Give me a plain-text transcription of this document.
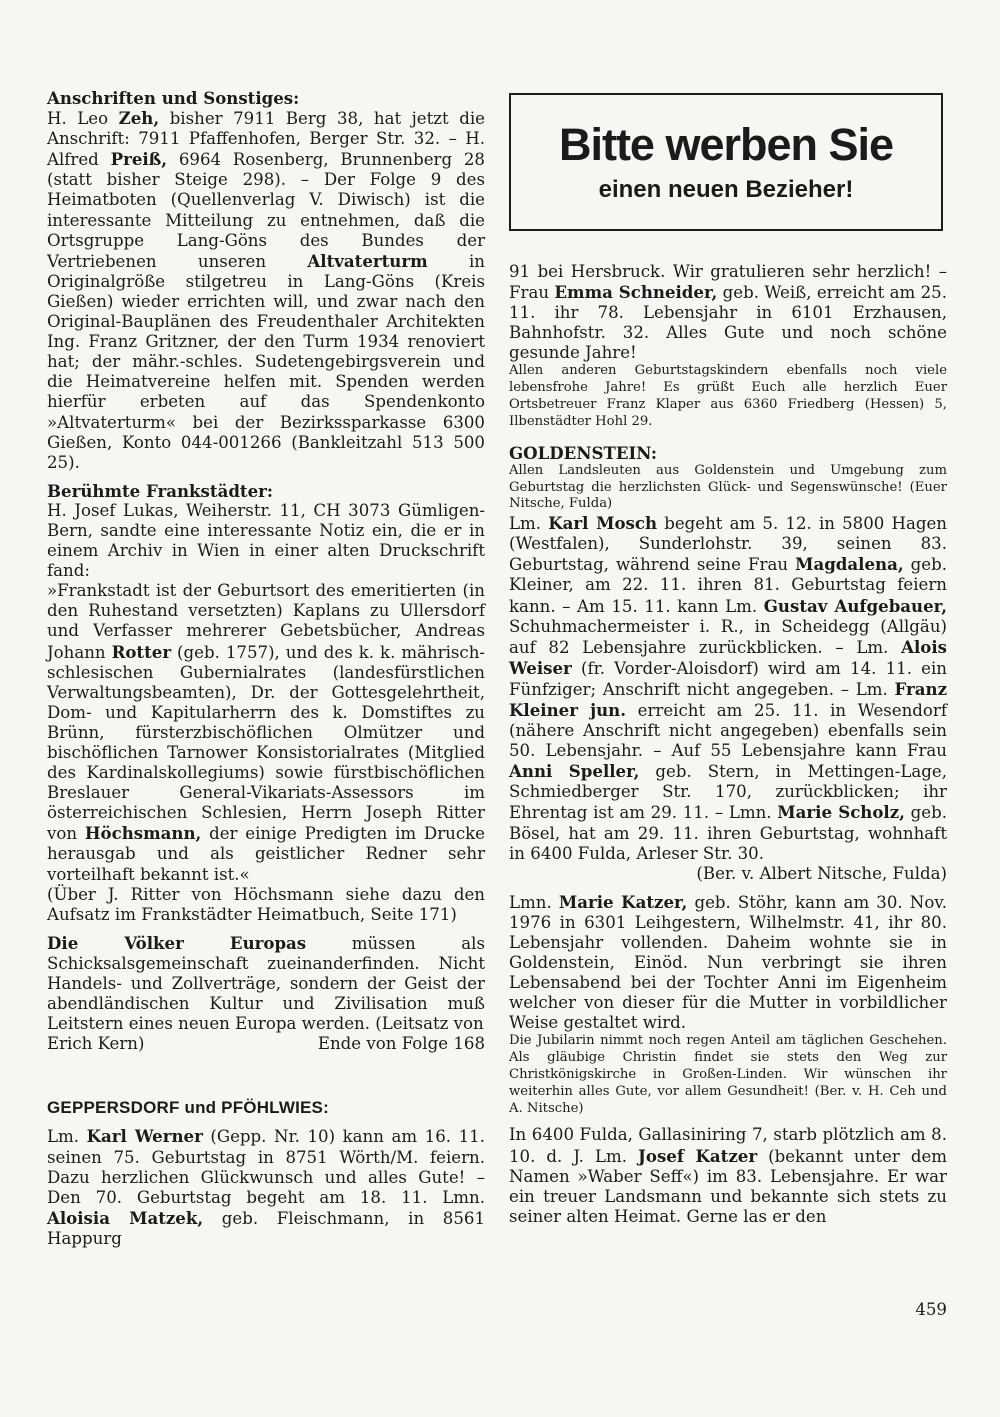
Anschriften und Sonstiges:

H. Leo Zeh, bisher 7911 Berg 38, hat jetzt die Anschrift: 7911 Pfaffenhofen, Berger Str. 32. – H. Alfred Preiß, 6964 Rosenberg, Brunnenberg 28 (statt bisher Steige 298). – Der Folge 9 des Heimatboten (Quellenverlag V. Diwisch) ist die interessante Mitteilung zu entnehmen, daß die Ortsgruppe Lang-Göns des Bundes der Vertriebenen unseren Altvaterturm in Originalgröße stilgetreu in Lang-Göns (Kreis Gießen) wieder errichten will, und zwar nach den Original-Bauplänen des Freudenthaler Architekten Ing. Franz Gritzner, der den Turm 1934 renoviert hat; der mähr.-schles. Sudetengebirgsverein und die Heimatvereine helfen mit. Spenden werden hierfür erbeten auf das Spendenkonto »Altvaterturm« bei der Bezirkssparkasse 6300 Gießen, Konto 044-001266 (Bankleitzahl 513 500 25).

Berühmte Frankstädter:

H. Josef Lukas, Weiherstr. 11, CH 3073 Gümligen-Bern, sandte eine interessante Notiz ein, die er in einem Archiv in Wien in einer alten Druckschrift fand:

»Frankstadt ist der Geburtsort des emeritierten (in den Ruhestand versetzten) Kaplans zu Ullersdorf und Verfasser mehrerer Gebetsbücher, Andreas Johann Rotter (geb. 1757), und des k. k. mährisch-schlesischen Gubernialrates (landesfürstlichen Verwaltungsbeamten), Dr. der Gottesgelehrtheit, Dom- und Kapitularherrn des k. Domstiftes zu Brünn, fürsterzbischöflichen Olmützer und bischöflichen Tarnower Konsistorialrates (Mitglied des Kardinalskollegiums) sowie fürstbischöflichen Breslauer General-Vikariats-Assessors im österreichischen Schlesien, Herrn Joseph Ritter von Höchsmann, der einige Predigten im Drucke herausgab und als geistlicher Redner sehr vorteilhaft bekannt ist.«

(Über J. Ritter von Höchsmann siehe dazu den Aufsatz im Frankstädter Heimatbuch, Seite 171)

Die Völker Europas müssen als Schicksalsgemeinschaft zueinanderfinden. Nicht Handels- und Zollverträge, sondern der Geist der abendländischen Kultur und Zivilisation muß Leitstern eines neuen Europa werden. (Leitsatz von

Erich Kern)	Ende von Folge 168

GEPPERSDORF und PFÖHLWIES:

Lm. Karl Werner (Gepp. Nr. 10) kann am 16. 11. seinen 75. Geburtstag in 8751 Wörth/M. feiern. Dazu herzlichen Glückwunsch und alles Gute! – Den 70. Geburtstag begeht am 18. 11. Lmn. Aloisia Matzek, geb. Fleischmann, in 8561 Happurg

Bitte werben Sie
einen neuen Bezieher!

91 bei Hersbruck. Wir gratulieren sehr herzlich! – Frau Emma Schneider, geb. Weiß, erreicht am 25. 11. ihr 78. Lebensjahr in 6101 Erzhausen, Bahnhofstr. 32. Alles Gute und noch schöne gesunde Jahre!

Allen anderen Geburtstagskindern ebenfalls noch viele lebensfrohe Jahre! Es grüßt Euch alle herzlich Euer Ortsbetreuer Franz Klaper aus 6360 Friedberg (Hessen) 5, Ilbenstädter Hohl 29.

GOLDENSTEIN:

Allen Landsleuten aus Goldenstein und Umgebung zum Geburtstag die herzlichsten Glück- und Segenswünsche! (Euer Nitsche, Fulda)

Lm. Karl Mosch begeht am 5. 12. in 5800 Hagen (Westfalen), Sunderlohstr. 39, seinen 83. Geburtstag, während seine Frau Magdalena, geb. Kleiner, am 22. 11. ihren 81. Geburtstag feiern kann. – Am 15. 11. kann Lm. Gustav Aufgebauer, Schuhmachermeister i. R., in Scheidegg (Allgäu) auf 82 Lebensjahre zurückblicken. – Lm. Alois Weiser (fr. Vorder-Aloisdorf) wird am 14. 11. ein Fünfziger; Anschrift nicht angegeben. – Lm. Franz Kleiner jun. erreicht am 25. 11. in Wesendorf (nähere Anschrift nicht angegeben) ebenfalls sein 50. Lebensjahr. – Auf 55 Lebensjahre kann Frau Anni Speller, geb. Stern, in Mettingen-Lage, Schmiedberger Str. 170, zurückblicken; ihr Ehrentag ist am 29. 11. – Lmn. Marie Scholz, geb. Bösel, hat am 29. 11. ihren Geburtstag, wohnhaft in 6400 Fulda, Arleser Str. 30.

(Ber. v. Albert Nitsche, Fulda)

Lmn. Marie Katzer, geb. Stöhr, kann am 30. Nov. 1976 in 6301 Leihgestern, Wilhelmstr. 41, ihr 80. Lebensjahr vollenden. Daheim wohnte sie in Goldenstein, Einöd. Nun verbringt sie ihren Lebensabend bei der Tochter Anni im Eigenheim welcher von dieser für die Mutter in vorbildlicher Weise gestaltet wird.

Die Jubilarin nimmt noch regen Anteil am täglichen Geschehen. Als gläubige Christin findet sie stets den Weg zur Christkönigskirche in Großen-Linden. Wir wünschen ihr weiterhin alles Gute, vor allem Gesundheit! (Ber. v. H. Ceh und A. Nitsche)

In 6400 Fulda, Gallasiniring 7, starb plötzlich am 8. 10. d. J. Lm. Josef Katzer (bekannt unter dem Namen »Waber Seff«) im 83. Lebensjahre. Er war ein treuer Landsmann und bekannte sich stets zu seiner alten Heimat. Gerne las er den

459
